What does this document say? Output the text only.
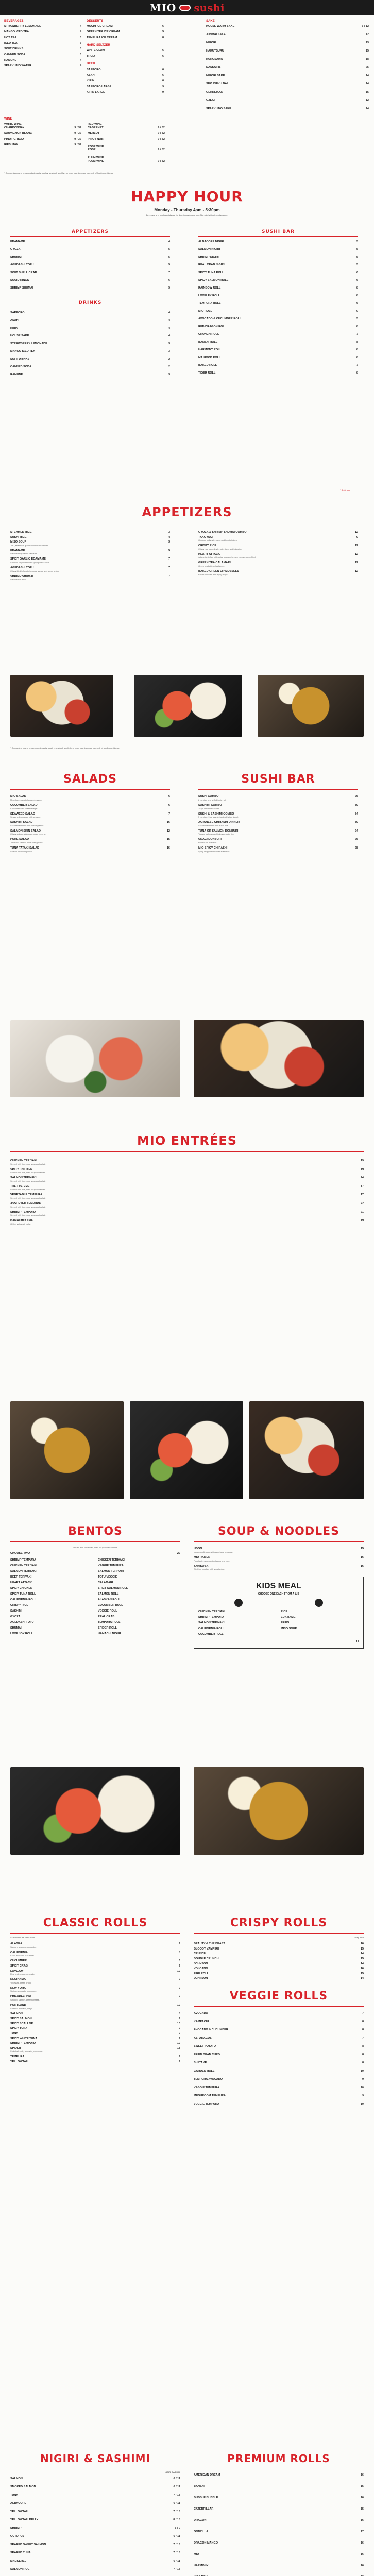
MIO sushi
BEVERAGES
STRAWBERRY LEMONADE	4
MANGO ICED TEA	4
HOT TEA	3
ICED TEA	3
SOFT DRINKS	3
CANNED SODA	3
RAMUNE	4
SPARKLING WATER	4
DESSERTS
MOCHI ICE CREAM	6
GREEN TEA ICE CREAM	5
TEMPURA ICE CREAM	8
HARD SELTZER
WHITE CLAW	6
TRULY	6
BEER
SAPPORO	6
ASAHI	6
KIRIN	6
SAPPORO LARGE	9
KIRIN LARGE	9
SAKE
HOUSE WARM SAKE	6 / 12
JUNMAI SAKE	12
NIGORI	13
HAKUTSURU	15
KUROSAWA	18
DASSAI 45	25
NIGORI SAKE	14
SHO CHIKU BAI	14
GEKKEIKAN	15
OZEKI	12
SPARKLING SAKE	14
WINE
WHITE WINE
CHARDONNAY	9 / 32
SAUVIGNON BLANC	9 / 32
PINOT GRIGIO	9 / 32
RIESLING	9 / 32
RED WINE
CABERNET	9 / 32
MERLOT	9 / 32
PINOT NOIR	9 / 32
ROSE WINE
ROSE	9 / 32
PLUM WINE
PLUM WINE	9 / 32
* Consuming raw or undercooked meats, poultry, seafood, shellfish, or eggs may increase your risk of foodborne illness.
HAPPY HOUR
Monday - Thursday 4pm - 5:30pm
Beverage and food specials are for dine-in customers only. Not valid with other discounts.
APPETIZERS
EDAMAME	4
GYOZA	5
SHUMAI	5
AGEDASHI TOFU	5
SOFT SHELL CRAB	7
SQUID RINGS	6
SHRIMP SHUMAI	5
DRINKS
SAPPORO	4
ASAHI	4
KIRIN	4
HOUSE SAKE	4
STRAWBERRY LEMONADE	3
MANGO ICED TEA	3
SOFT DRINKS	2
CANNED SODA	2
RAMUNE	3
SUSHI BAR
ALBACORE NIGIRI	5
SALMON NIGIRI	5
SHRIMP NIGIRI	5
REAL CRAB NIGIRI	5
SPICY TUNA ROLL	6
SPICY SALMON ROLL	6
RAINBOW ROLL	8
LOVELEY ROLL	8
TEMPURA ROLL	6
MIO ROLL	9
AVOCADO & CUCUMBER ROLL	5
RED DRAGON ROLL	8
CRUNCH ROLL	7
BANZAI ROLL	8
HARMONY ROLL	8
MT. HOOD ROLL	8
BAKED ROLL	7
TIGER ROLL	8
* Spiciness
APPETIZERS
STEAMED RICE	3
SUSHI RICE	4
MISO SOUP	3
Tofu, seaweed, green onion in miso broth.
EDAMAME	5
Steamed soy beans with salt.
SPICY GARLIC EDAMAME	7
Sautéed soy beans with spicy garlic sauce.
AGEDASHI TOFU	7
Crispy fried tofu with tempura sauce and green onion.
SHRIMP SHUMAI	7
Steamed or fried.
GYOZA & SHRIMP SHUMAI COMBO	12
TAKOYAKI	9
Octopus balls with mayo and bonito flakes.
CRISPY RICE	12
Crispy rice topped with spicy tuna and jalapeño.
HEART ATTACK	12
Jalapeño stuffed with spicy tuna and cream cheese, deep fried.
GREEN TEA CALAMARI	12
Green tea battered calamari.
BAKED GREEN LIP MUSSELS	12
Baked mussels with spicy mayo.
* Consuming raw or undercooked meats, poultry, seafood, shellfish, or eggs may increase your risk of foodborne illness.
SALADS
MIO SALAD	6
Mixed greens with house dressing.
CUCUMBER SALAD	6
Cucumber with sweet vinegar.
SEAWEED SALAD	7
Seasoned seaweed with sesame.
SASHIMI SALAD	16
Assorted sashimi over mixed greens.
SALMON SKIN SALAD	12
Crispy salmon skin over mixed greens.
POKE SALAD	15
Tuna and salmon poke over greens.
TUNA TATAKI SALAD	16
Seared tuna with ponzu.
SUSHI BAR
SUSHI COMBO	26
8 pc nigiri and a California roll.
SASHIMI COMBO	30
15 pc assorted sashimi.
SUSHI & SASHIMI COMBO	34
5 pc nigiri, 9 pc sashimi and a California roll.
JAPANESE CHIRASHI DINNER	30
Assorted sashimi over sushi rice.
TUNA OR SALMON DONBURI	24
Tuna or salmon sashimi over sushi rice.
UNAGI DONBURI	26
Broiled eel over rice.
MIO SPICY CHIRASHI	28
Spicy chopped fish over sushi rice.
MIO ENTRÉES
CHICKEN TERIYAKI	19
Served with rice, miso soup and salad.
SPICY CHICKEN	19
Served with rice, miso soup and salad.
SALMON TERIYAKI	24
Served with rice, miso soup and salad.
TOFU VEGGIE	17
Served with rice, miso soup and salad.
VEGETABLE TEMPURA	17
Served with rice, miso soup and salad.
ASSORTED TEMPURA	22
Served with rice, miso soup and salad.
SHRIMP TEMPURA	21
Served with rice, miso soup and salad.
HAMACHI KAMA	19
Grilled yellowtail collar.
BENTOS
Served with Mio salad, miso soup and edamame.
CHOOSE TWO	29
SHRIMP TEMPURA
CHICKEN TERIYAKI
SALMON TERIYAKI
BEEF TERIYAKI
HEART ATTACK
SPICY CHICKEN
SPICY TUNA ROLL
CALIFORNIA ROLL
CRISPY RICE
SASHIMI
GYOZA
AGEDASHI TOFU
SHUMAI
LOVE JOY ROLL
CHICKEN TERIYAKI
VEGGIE TEMPURA
SALMON TERIYAKI
TOFU VEGGIE
CALAMARI
SPICY SALMON ROLL
SALMON ROLL
ALASKAN ROLL
CUCUMBER ROLL
VEGGIE ROLL
REAL CRAB
TEMPURA ROLL
SPIDER ROLL
HAMACHI NIGIRI
SOUP & NOODLES
UDON	15
Udon noodle soup with vegetable tempura.
MIO RAMEN	16
Pork broth ramen with chashu and egg.
YAKISOBA	16
Stir fried noodles with vegetables.
KIDS MEAL
CHOOSE ONE EACH FROM A & B
CHICKEN TERIYAKI
SHRIMP TEMPURA
SALMON TERIYAKI
CALIFORNIA ROLL
CUCUMBER ROLL
RICE
EDAMAME
FRIES
MISO SOUP
12
CLASSIC ROLLS
All available as Hand Rolls
ALASKA	9
Salmon, avocado, cucumber.
CALIFORNIA	8
Crab, avocado, cucumber.
CUCUMBER	6
SPICY CRAB	9
LOVEJOY	10
Real crab, mayo, avocado.
NEGIHAMA	9
Yellowtail, green onion.
NEW YORK	9
Shrimp, avocado, cucumber.
PHILADELPHIA	9
Smoked salmon, cream cheese.
PORTLAND	10
Salmon, avocado, mayo.
SALMON	8
SPICY SALMON	9
SPICY SCALLOP	10
SPICY TUNA	9
TUNA	9
SPICY WHITE TUNA	9
SHRIMP TEMPURA	10
SPIDER	13
Soft shell crab, avocado, cucumber.
TEMPURA	9
YELLOWTAIL	9
CRISPY ROLLS
Deep fried
BEAUTY & THE BEAST	16
BLOODY VAMPIRE	15
CRUNCH	14
DOUBLE CRUNCH	15
JOHNSON	14
VOLCANO	16
FIRE ROLL	15
JOHNSON	14
VEGGIE ROLLS
AVOCADO	7
KAMPACHI	8
AVOCADO & CUCUMBER	8
ASPARAGUS	7
SWEET POTATO	8
FRIED BEAN CURD	8
SHIITAKE	8
GARDEN ROLL	10
TEMPURA AVOCADO	9
VEGGIE TEMPURA	10
MUSHROOM TEMPURA	9
VEGGIE TEMPURA	10
NIGIRI & SASHIMI
NIGIRI SASHIMI
SALMON	6 / 11
SMOKED SALMON	6 / 11
TUNA	7 / 13
ALBACORE	6 / 11
YELLOWTAIL	7 / 13
YELLOWTAIL BELLY	8 / 15
SHRIMP	5 / 9
OCTOPUS	6 / 11
SEARED SWEET SALMON	7 / 13
SEARED TUNA	7 / 13
MACKEREL	6 / 11
SALMON ROE	7 / 13
PREMIUM ROLLS
AMERICAN DREAM	16
BANZAI	15
BUBBLE BUBBLE	16
CATERPILLAR	15
DRAGON	16
GODZILLA	17
DRAGON MANGO	16
MIO	16
HARMONY	16
